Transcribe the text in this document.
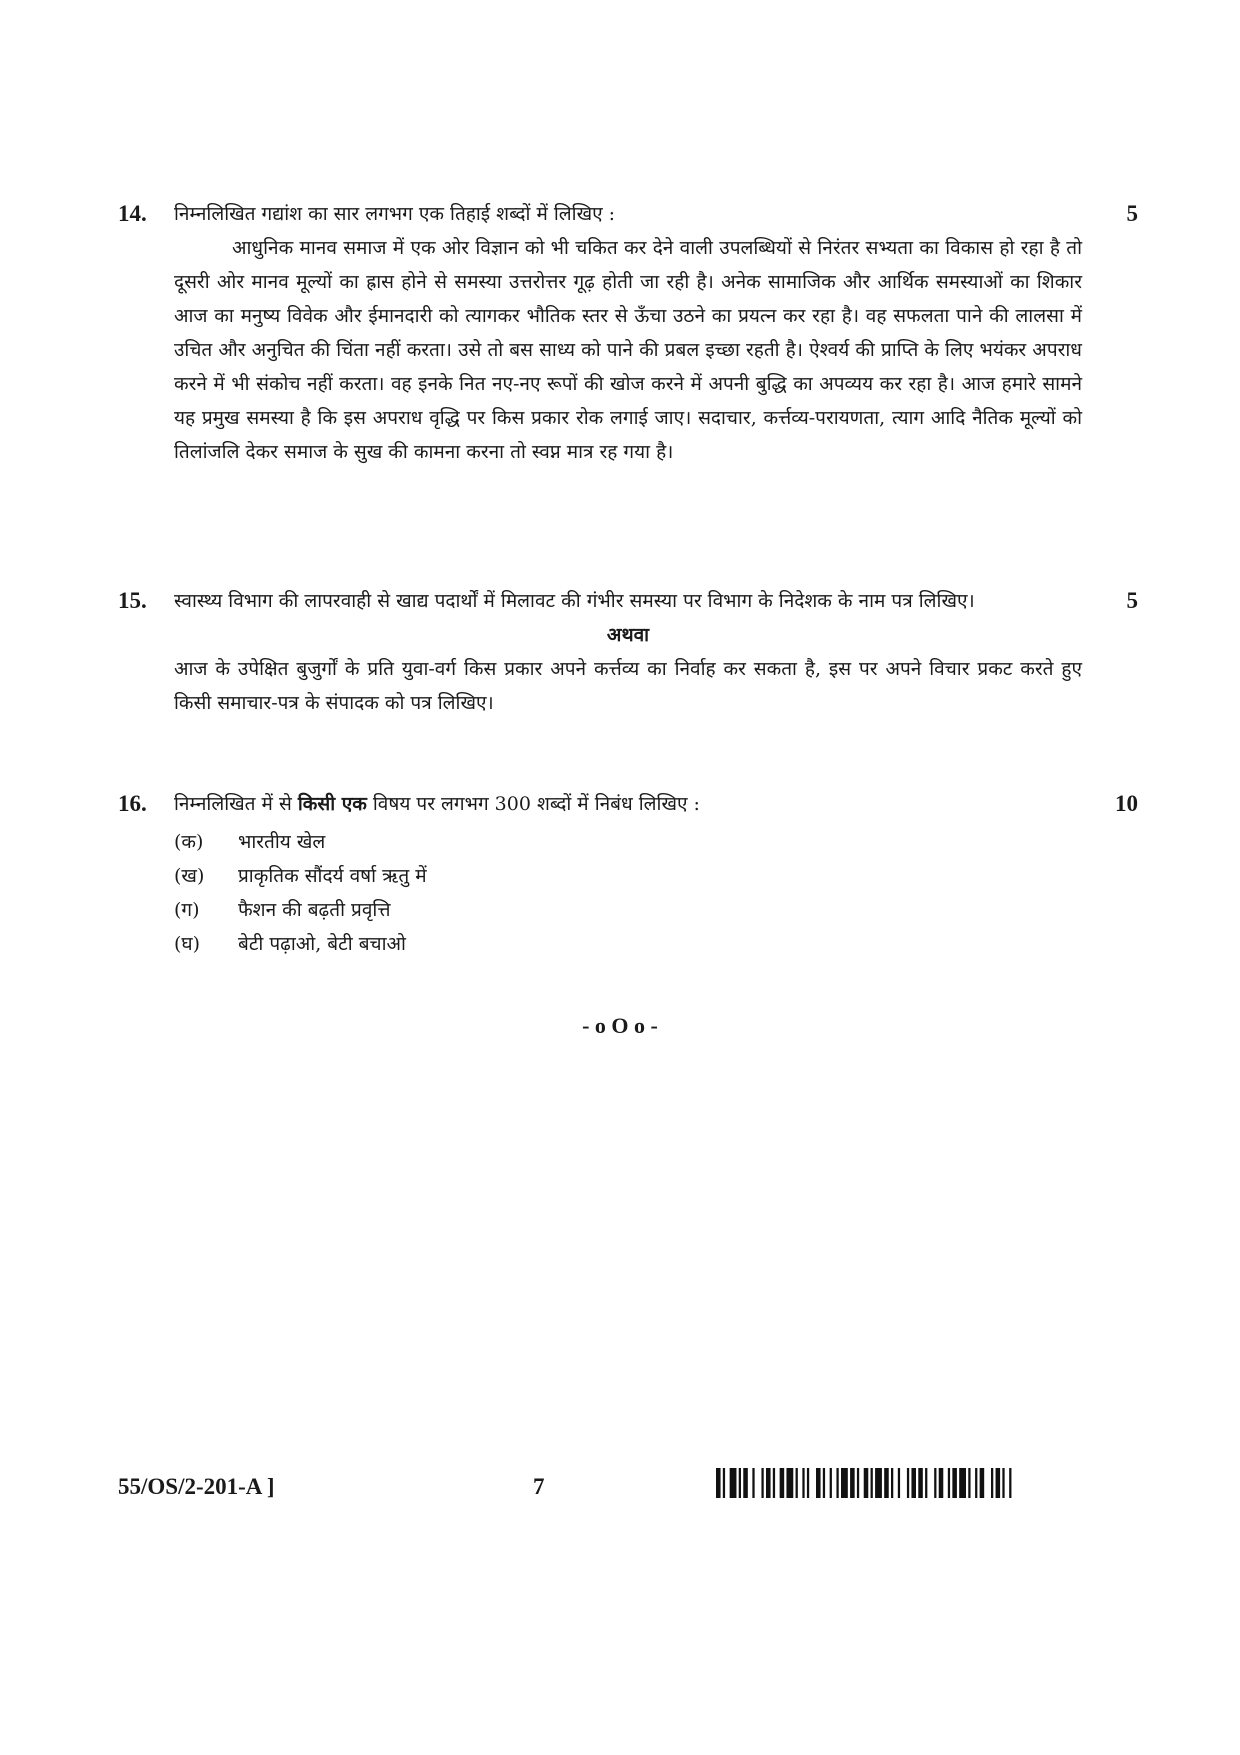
14.	5

निम्नलिखित गद्यांश का सार लगभग एक तिहाई शब्दों में लिखिए :

आधुनिक मानव समाज में एक ओर विज्ञान को भी चकित कर देने वाली उपलब्धियों से निरंतर सभ्यता का विकास हो रहा है तो दूसरी ओर मानव मूल्यों का ह्रास होने से समस्या उत्तरोत्तर गूढ़ होती जा रही है। अनेक सामाजिक और आर्थिक समस्याओं का शिकार आज का मनुष्य विवेक और ईमानदारी को त्यागकर भौतिक स्तर से ऊँचा उठने का प्रयत्न कर रहा है। वह सफलता पाने की लालसा में उचित और अनुचित की चिंता नहीं करता। उसे तो बस साध्य को पाने की प्रबल इच्छा रहती है। ऐश्वर्य की प्राप्ति के लिए भयंकर अपराध करने में भी संकोच नहीं करता। वह इनके नित नए-नए रूपों की खोज करने में अपनी बुद्धि का अपव्यय कर रहा है। आज हमारे सामने यह प्रमुख समस्या है कि इस अपराध वृद्धि पर किस प्रकार रोक लगाई जाए। सदाचार, कर्त्तव्य-परायणता, त्याग आदि नैतिक मूल्यों को तिलांजलि देकर समाज के सुख की कामना करना तो स्वप्न मात्र रह गया है।

15.	5

स्वास्थ्य विभाग की लापरवाही से खाद्य पदार्थों में मिलावट की गंभीर समस्या पर विभाग के निदेशक के नाम पत्र लिखिए।

अथवा

आज के उपेक्षित बुजुर्गों के प्रति युवा-वर्ग किस प्रकार अपने कर्त्तव्य का निर्वाह कर सकता है, इस पर अपने विचार प्रकट करते हुए किसी समाचार-पत्र के संपादक को पत्र लिखिए।

16.	10

निम्नलिखित में से किसी एक विषय पर लगभग 300 शब्दों में निबंध लिखिए :

(क)	भारतीय खेल
(ख)	प्राकृतिक सौंदर्य वर्षा ऋतु में
(ग)	फैशन की बढ़ती प्रवृत्ति
(घ)	बेटी पढ़ाओ, बेटी बचाओ
- o O o -
55/OS/2-201-A ]	7
